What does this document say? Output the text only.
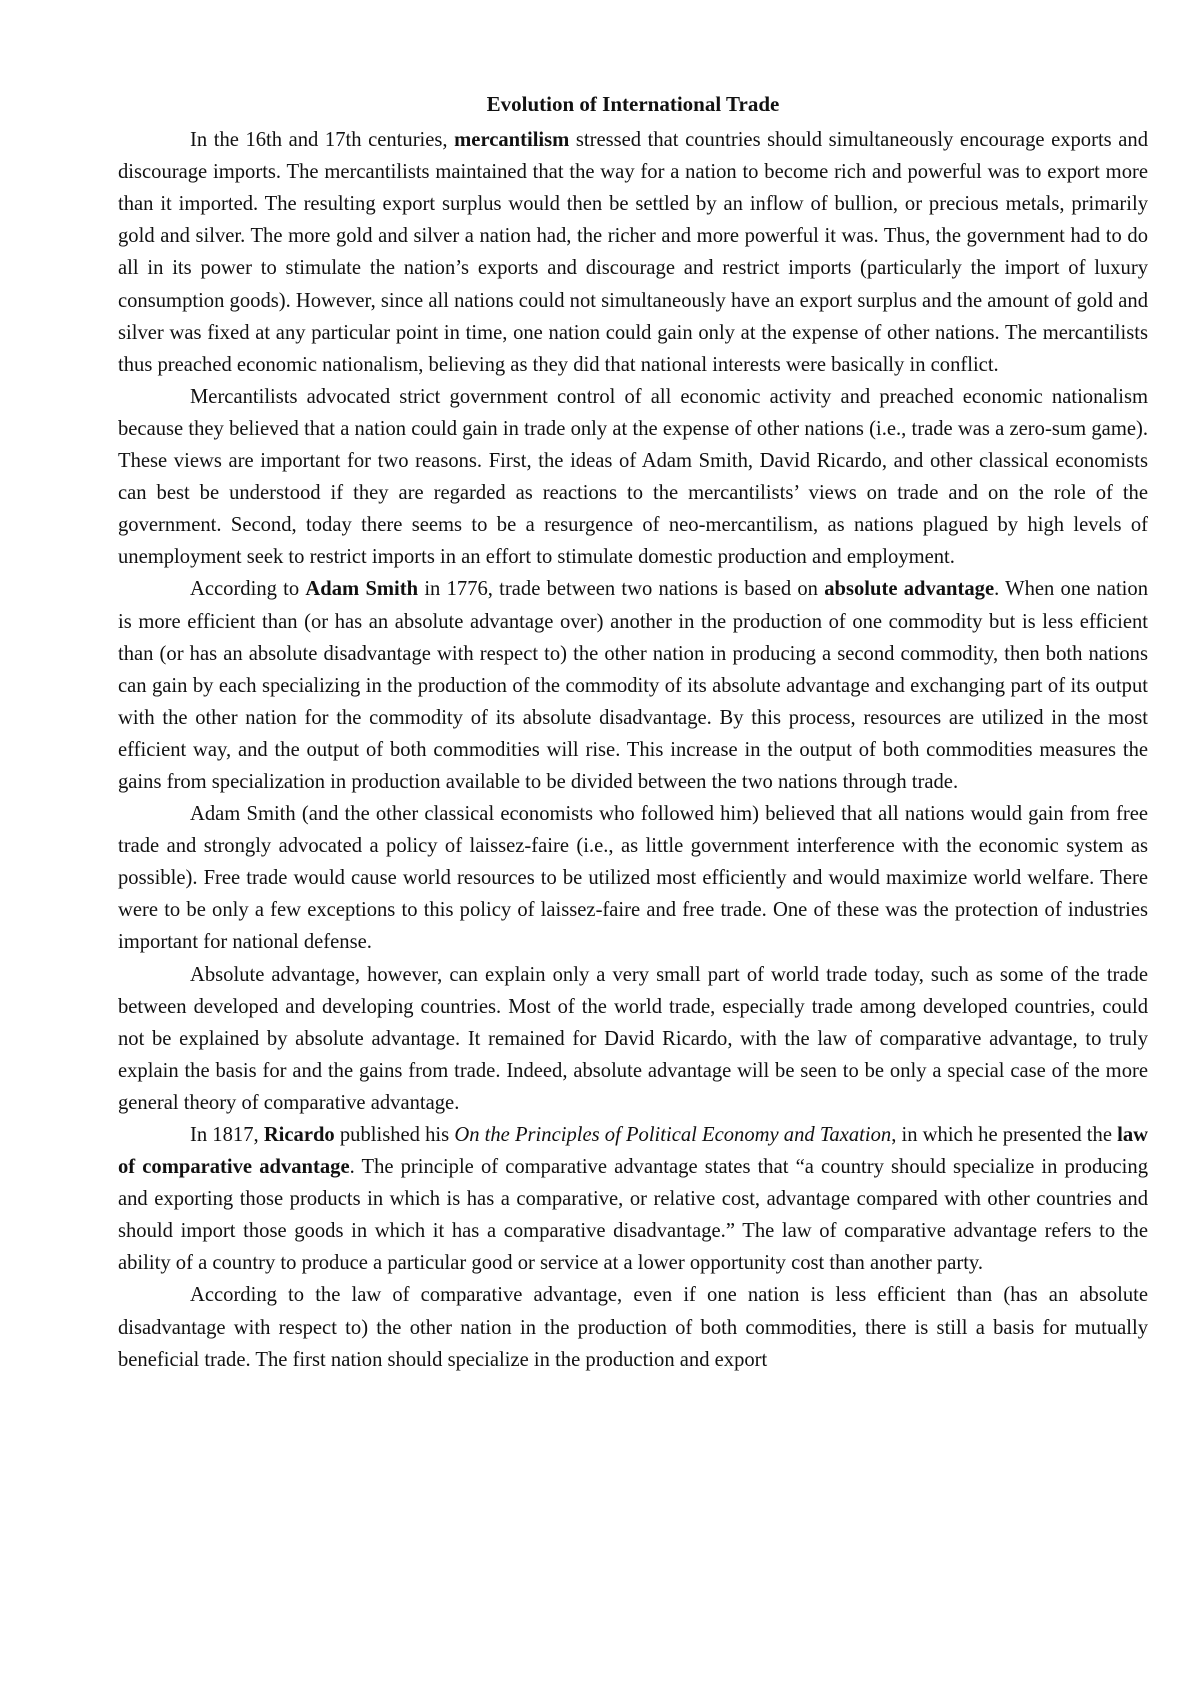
Evolution of International Trade

In the 16th and 17th centuries, mercantilism stressed that countries should simultaneously encourage exports and discourage imports. The mercantilists maintained that the way for a nation to become rich and powerful was to export more than it imported. The resulting export surplus would then be settled by an inflow of bullion, or precious metals, primarily gold and silver. The more gold and silver a nation had, the richer and more powerful it was. Thus, the government had to do all in its power to stimulate the nation’s exports and discourage and restrict imports (particularly the import of luxury consumption goods). However, since all nations could not simultaneously have an export surplus and the amount of gold and silver was fixed at any particular point in time, one nation could gain only at the expense of other nations. The mercantilists thus preached economic nationalism, believing as they did that national interests were basically in conflict.

Mercantilists advocated strict government control of all economic activity and preached economic nationalism because they believed that a nation could gain in trade only at the expense of other nations (i.e., trade was a zero-sum game). These views are important for two reasons. First, the ideas of Adam Smith, David Ricardo, and other classical economists can best be understood if they are regarded as reactions to the mercantilists’ views on trade and on the role of the government. Second, today there seems to be a resurgence of neo-mercantilism, as nations plagued by high levels of unemployment seek to restrict imports in an effort to stimulate domestic production and employment.

According to Adam Smith in 1776, trade between two nations is based on absolute advantage. When one nation is more efficient than (or has an absolute advantage over) another in the production of one commodity but is less efficient than (or has an absolute disadvantage with respect to) the other nation in producing a second commodity, then both nations can gain by each specializing in the production of the commodity of its absolute advantage and exchanging part of its output with the other nation for the commodity of its absolute disadvantage. By this process, resources are utilized in the most efficient way, and the output of both commodities will rise. This increase in the output of both commodities measures the gains from specialization in production available to be divided between the two nations through trade.

Adam Smith (and the other classical economists who followed him) believed that all nations would gain from free trade and strongly advocated a policy of laissez-faire (i.e., as little government interference with the economic system as possible). Free trade would cause world resources to be utilized most efficiently and would maximize world welfare. There were to be only a few exceptions to this policy of laissez-faire and free trade. One of these was the protection of industries important for national defense.

Absolute advantage, however, can explain only a very small part of world trade today, such as some of the trade between developed and developing countries. Most of the world trade, especially trade among developed countries, could not be explained by absolute advantage. It remained for David Ricardo, with the law of comparative advantage, to truly explain the basis for and the gains from trade. Indeed, absolute advantage will be seen to be only a special case of the more general theory of comparative advantage.

In 1817, Ricardo published his On the Principles of Political Economy and Taxation, in which he presented the law of comparative advantage. The principle of comparative advantage states that “a country should specialize in producing and exporting those products in which is has a comparative, or relative cost, advantage compared with other countries and should import those goods in which it has a comparative disadvantage.” The law of comparative advantage refers to the ability of a country to produce a particular good or service at a lower opportunity cost than another party.

According to the law of comparative advantage, even if one nation is less efficient than (has an absolute disadvantage with respect to) the other nation in the production of both commodities, there is still a basis for mutually beneficial trade. The first nation should specialize in the production and export
